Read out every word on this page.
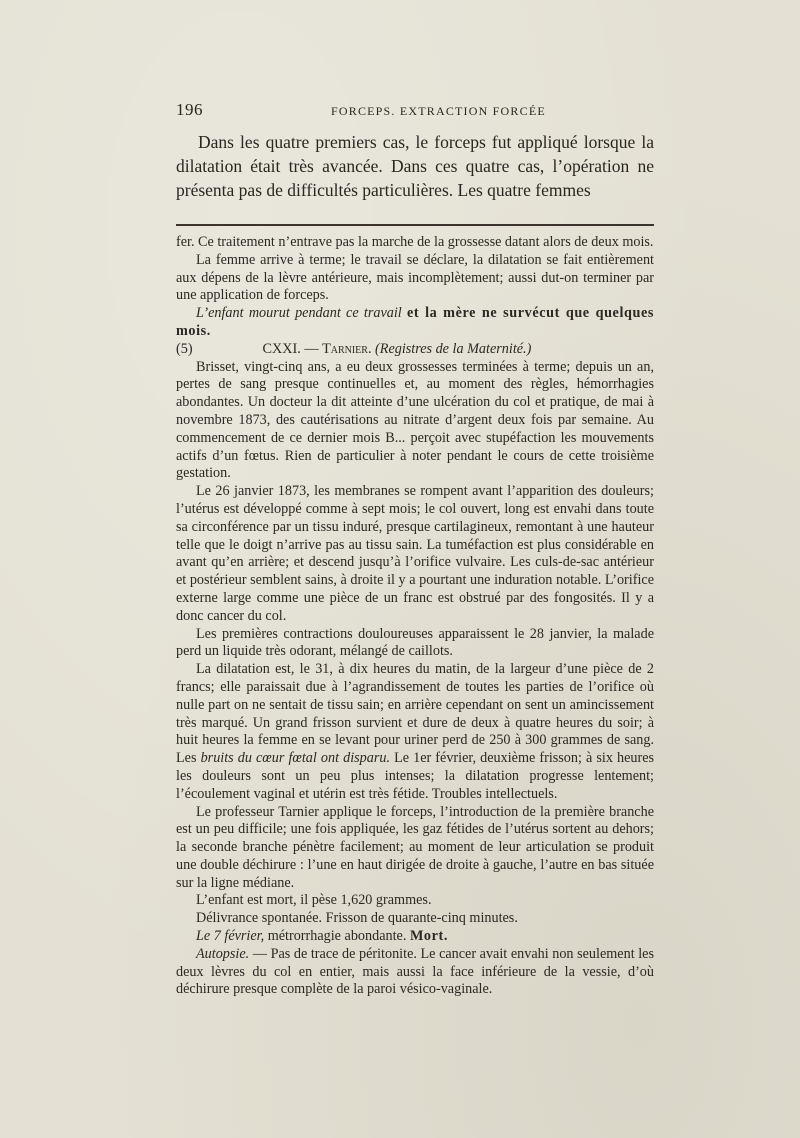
196	FORCEPS. EXTRACTION FORCÉE

Dans les quatre premiers cas, le forceps fut appliqué lorsque la dilatation était très avancée. Dans ces quatre cas, l’opération ne présenta pas de difficultés particulières. Les quatre femmes

fer. Ce traitement n’entrave pas la marche de la grossesse datant alors de deux mois.

La femme arrive à terme; le travail se déclare, la dilatation se fait entièrement aux dépens de la lèvre antérieure, mais incomplètement; aussi dut-on terminer par une application de forceps.

L’enfant mourut pendant ce travail et la mère ne survécut que quelques mois.

(5)	CXXI. — Tarnier. (Registres de la Maternité.)

Brisset, vingt-cinq ans, a eu deux grossesses terminées à terme; depuis un an, pertes de sang presque continuelles et, au moment des règles, hémorrhagies abondantes. Un docteur la dit atteinte d’une ulcération du col et pratique, de mai à novembre 1873, des cautérisations au nitrate d’argent deux fois par semaine. Au commencement de ce dernier mois B... perçoit avec stupéfaction les mouvements actifs d’un fœtus. Rien de particulier à noter pendant le cours de cette troisième gestation.

Le 26 janvier 1873, les membranes se rompent avant l’apparition des douleurs; l’utérus est développé comme à sept mois; le col ouvert, long est envahi dans toute sa circonférence par un tissu induré, presque cartilagineux, remontant à une hauteur telle que le doigt n’arrive pas au tissu sain. La tuméfaction est plus considérable en avant qu’en arrière; et descend jusqu’à l’orifice vulvaire. Les culs-de-sac antérieur et postérieur semblent sains, à droite il y a pourtant une induration notable. L’orifice externe large comme une pièce de un franc est obstrué par des fongosités. Il y a donc cancer du col.

Les premières contractions douloureuses apparaissent le 28 janvier, la malade perd un liquide très odorant, mélangé de caillots.

La dilatation est, le 31, à dix heures du matin, de la largeur d’une pièce de 2 francs; elle paraissait due à l’agrandissement de toutes les parties de l’orifice où nulle part on ne sentait de tissu sain; en arrière cependant on sent un amincissement très marqué. Un grand frisson survient et dure de deux à quatre heures du soir; à huit heures la femme en se levant pour uriner perd de 250 à 300 grammes de sang. Les bruits du cœur fœtal ont disparu. Le 1er février, deuxième frisson; à six heures les douleurs sont un peu plus intenses; la dilatation progresse lentement; l’écoulement vaginal et utérin est très fétide. Troubles intellectuels.

Le professeur Tarnier applique le forceps, l’introduction de la première branche est un peu difficile; une fois appliquée, les gaz fétides de l’utérus sortent au dehors; la seconde branche pénètre facilement; au moment de leur articulation se produit une double déchirure : l’une en haut dirigée de droite à gauche, l’autre en bas située sur la ligne médiane.

L’enfant est mort, il pèse 1,620 grammes.

Délivrance spontanée. Frisson de quarante-cinq minutes.

Le 7 février, métrorrhagie abondante. Mort.

Autopsie. — Pas de trace de péritonite. Le cancer avait envahi non seulement les deux lèvres du col en entier, mais aussi la face inférieure de la vessie, d’où déchirure presque complète de la paroi vésico-vaginale.
